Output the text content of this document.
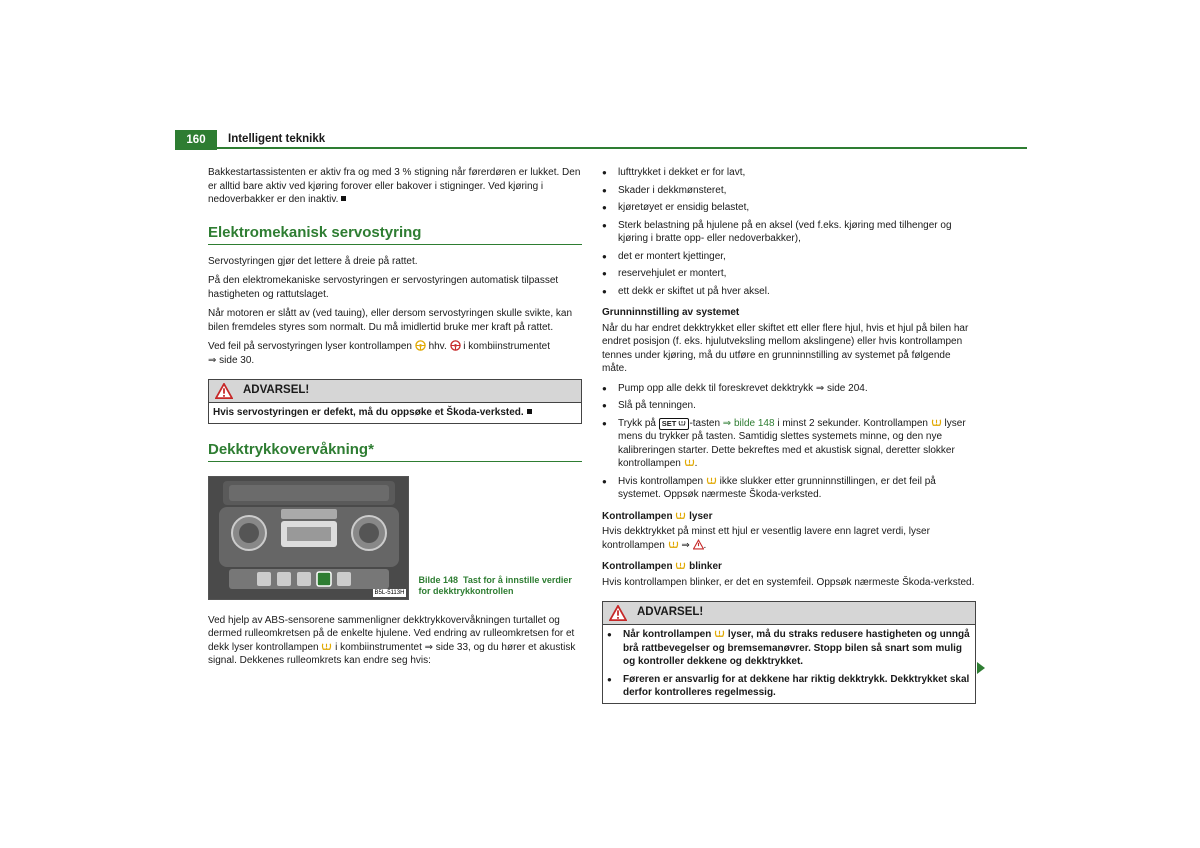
160	Intelligent teknikk

Bakkestartassistenten er aktiv fra og med 3 % stigning når førerdøren er lukket. Den er alltid bare aktiv ved kjøring forover eller bakover i stigninger. Ved kjøring i nedoverbakker er den inaktiv.

Elektromekanisk servostyring

Servostyringen gjør det lettere å dreie på rattet.

På den elektromekaniske servostyringen er servostyringen automatisk tilpasset hastigheten og rattutslaget.

Når motoren er slått av (ved tauing), eller dersom servostyringen skulle svikte, kan bilen fremdeles styres som normalt. Du må imidlertid bruke mer kraft på rattet.

Ved feil på servostyringen lyser kontrollampen hhv. i kombiinstrumentet
⇒ side 30.

ADVARSEL!
Hvis servostyringen er defekt, må du oppsøke et Škoda-verksted.
Dekktrykkovervåkning*
B5L-5113H
Bilde 148 Tast for å innstille verdier for dekktrykkontrollen

Ved hjelp av ABS-sensorene sammenligner dekktrykkovervåkningen turtallet og dermed rulleomkretsen på de enkelte hjulene. Ved endring av rulleomkretsen for et dekk lyser kontrollampen i kombiinstrumentet ⇒ side 33, og du hører et akustisk signal. Dekkenes rulleomkrets kan endre seg hvis:

● lufttrykket i dekket er for lavt,
● Skader i dekkmønsteret,
● kjøretøyet er ensidig belastet,
● Sterk belastning på hjulene på en aksel (ved f.eks. kjøring med tilhenger og kjøring i bratte opp- eller nedoverbakker),
● det er montert kjettinger,
● reservehjulet er montert,
● ett dekk er skiftet ut på hver aksel.
Grunninnstilling av systemet

Når du har endret dekktrykket eller skiftet ett eller flere hjul, hvis et hjul på bilen har endret posisjon (f. eks. hjulutveksling mellom akslingene) eller hvis kontrollampen tennes under kjøring, må du utføre en grunninnstilling av systemet på følgende måte.

● Pump opp alle dekk til foreskrevet dekktrykk ⇒ side 204.
● Slå på tenningen.
● Trykk på SET -tasten ⇒ bilde 148 i minst 2 sekunder. Kontrollampen lyser mens du trykker på tasten. Samtidig slettes systemets minne, og den nye kalibreringen starter. Dette bekreftes med et akustisk signal, deretter slokker kontrollampen .
● Hvis kontrollampen ikke slukker etter grunninnstillingen, er det feil på systemet. Oppsøk nærmeste Škoda-verksted.
Kontrollampen lyser

Hvis dekktrykket på minst ett hjul er vesentlig lavere enn lagret verdi, lyser kontrollampen ⇒ .

Kontrollampen blinker

Hvis kontrollampen blinker, er det en systemfeil. Oppsøk nærmeste Škoda-verksted.

ADVARSEL!
● Når kontrollampen lyser, må du straks redusere hastigheten og unngå brå rattbevegelser og bremsemanøvrer. Stopp bilen så snart som mulig og kontroller dekkene og dekktrykket.
● Føreren er ansvarlig for at dekkene har riktig dekktrykk. Dekktrykket skal derfor kontrolleres regelmessig.
